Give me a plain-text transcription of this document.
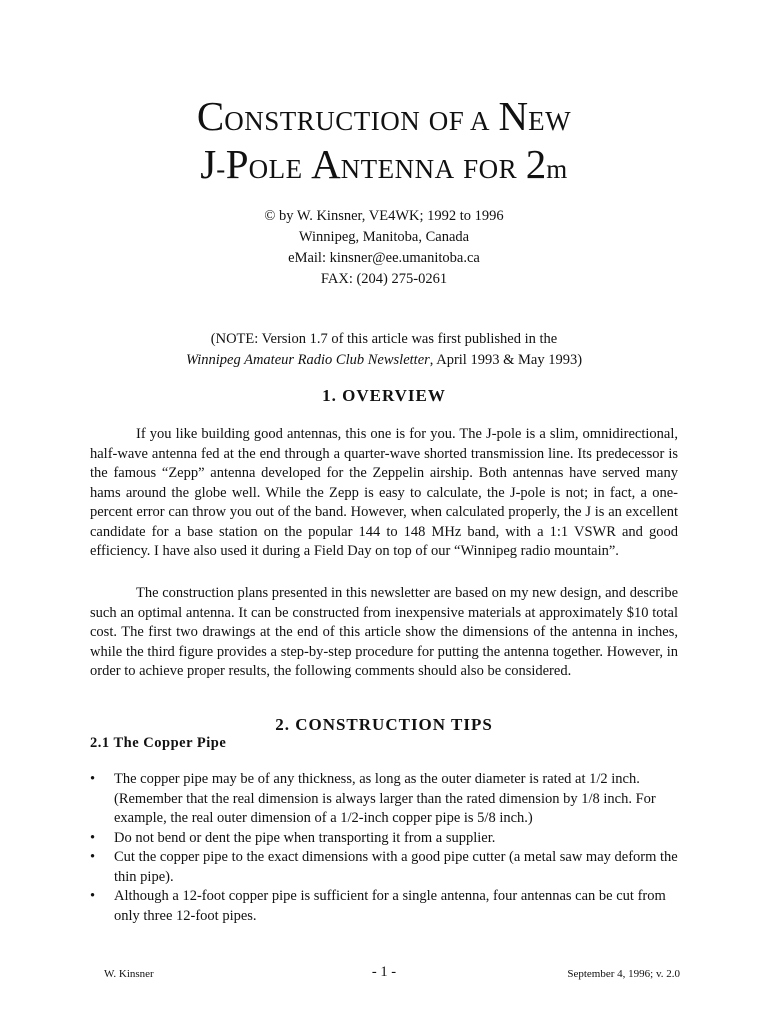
CONSTRUCTION OF A NEW
J-POLE ANTENNA FOR 2m
© by W. Kinsner, VE4WK; 1992 to 1996
Winnipeg, Manitoba, Canada
eMail: kinsner@ee.umanitoba.ca
FAX: (204) 275-0261
(NOTE: Version 1.7 of this article was first published in the
Winnipeg Amateur Radio Club Newsletter, April 1993 & May 1993)
1. OVERVIEW

If you like building good antennas, this one is for you. The J-pole is a slim, omnidirectional, half-wave antenna fed at the end through a quarter-wave shorted transmission line. Its predecessor is the famous “Zepp” antenna developed for the Zeppelin airship. Both antennas have served many hams around the globe well. While the Zepp is easy to calculate, the J-pole is not; in fact, a one-percent error can throw you out of the band. However, when calculated properly, the J is an excellent candidate for a base station on the popular 144 to 148 MHz band, with a 1:1 VSWR and good efficiency. I have also used it during a Field Day on top of our “Winnipeg radio mountain”.

The construction plans presented in this newsletter are based on my new design, and describe such an optimal antenna. It can be constructed from inexpensive materials at approximately $10 total cost. The first two drawings at the end of this article show the dimensions of the antenna in inches, while the third figure provides a step-by-step procedure for putting the antenna together. However, in order to achieve proper results, the following comments should also be considered.

2. CONSTRUCTION TIPS
2.1 The Copper Pipe
• The copper pipe may be of any thickness, as long as the outer diameter is rated at 1/2 inch. (Remember that the real dimension is always larger than the rated dimension by 1/8 inch. For example, the real outer dimension of a 1/2-inch copper pipe is 5/8 inch.)
• Do not bend or dent the pipe when transporting it from a supplier.
• Cut the copper pipe to the exact dimensions with a good pipe cutter (a metal saw may deform the thin pipe).
• Although a 12-foot copper pipe is sufficient for a single antenna, four antennas can be cut from only three 12-foot pipes.
W. Kinsner	- 1 -	September 4, 1996; v. 2.0
